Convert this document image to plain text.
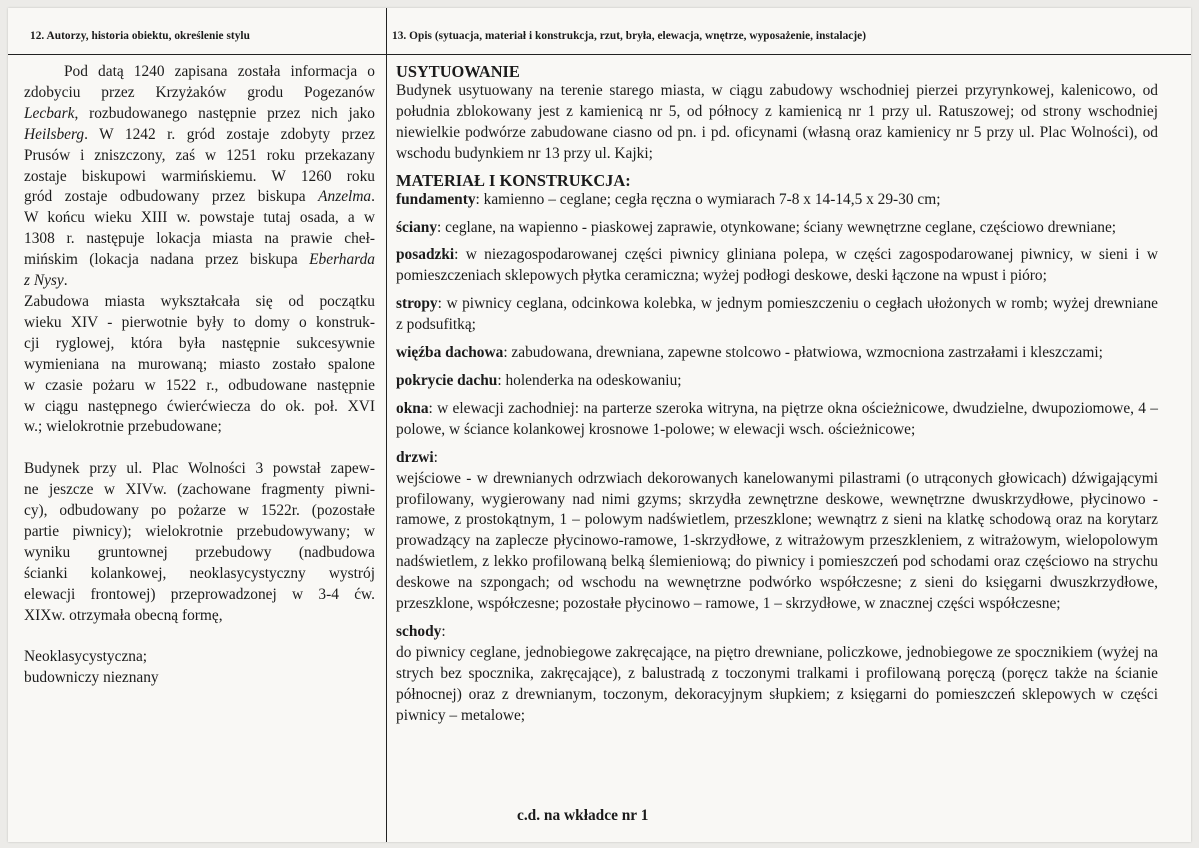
12. Autorzy, historia obiektu, określenie stylu	13. Opis (sytuacja, materiał i konstrukcja, rzut, bryła, elewacja, wnętrze, wyposażenie, instalacje)

Pod datą 1240 zapisana została informacja o
zdobyciu przez Krzyżaków grodu Pogezanów
Lecbark, rozbudowanego następnie przez nich jako
Heilsberg. W 1242 r. gród zostaje zdobyty przez
Prusów i zniszczony, zaś w 1251 roku przekazany
zostaje biskupowi warmińskiemu. W 1260 roku
gród zostaje odbudowany przez biskupa Anzelma.
W końcu wieku XIII w. powstaje tutaj osada, a w
1308 r. następuje lokacja miasta na prawie cheł-
mińskim (lokacja nadana przez biskupa Eberharda
z Nysy.

Zabudowa miasta wykształcała się od początku
wieku XIV - pierwotnie były to domy o konstruk-
cji ryglowej, która była następnie sukcesywnie
wymieniana na murowaną; miasto zostało spalone
w czasie pożaru w 1522 r., odbudowane następnie
w ciągu następnego ćwierćwiecza do ok. poł. XVI
w.; wielokrotnie przebudowane;

Budynek przy ul. Plac Wolności 3 powstał zapew-
ne jeszcze w XIVw. (zachowane fragmenty piwni-
cy), odbudowany po pożarze w 1522r. (pozostałe
partie piwnicy); wielokrotnie przebudowywany; w
wyniku gruntownej przebudowy (nadbudowa
ścianki kolankowej, neoklasycystyczny wystrój
elewacji frontowej) przeprowadzonej w 3-4 ćw.
XIXw. otrzymała obecną formę,

Neoklasycystyczna;
budowniczy nieznany

USYTUOWANIE

Budynek usytuowany na terenie starego miasta, w ciągu zabudowy wschodniej pierzei przyrynkowej, kalenicowo, od południa zblokowany jest z kamienicą nr 5, od północy z kamienicą nr 1 przy ul. Ratuszowej; od strony wschodniej niewielkie podwórze zabudowane ciasno od pn. i pd. oficynami (własną oraz kamienicy nr 5 przy ul. Plac Wolności), od wschodu budynkiem nr 13 przy ul. Kajki;

MATERIAŁ I KONSTRUKCJA:

fundamenty: kamienno – ceglane; cegła ręczna o wymiarach 7-8 x 14-14,5 x 29-30 cm;

ściany: ceglane, na wapienno - piaskowej zaprawie, otynkowane; ściany wewnętrzne ceglane, częściowo drewniane;

posadzki: w niezagospodarowanej części piwnicy gliniana polepa, w części zagospodarowanej piwnicy, w sieni i w pomieszczeniach sklepowych płytka ceramiczna; wyżej podłogi deskowe, deski łączone na wpust i pióro;

stropy: w piwnicy ceglana, odcinkowa kolebka, w jednym pomieszczeniu o cegłach ułożonych w romb; wyżej drewniane z podsufitką;

więźba dachowa: zabudowana, drewniana, zapewne stolcowo - płatwiowa, wzmocniona zastrzałami i kleszczami;

pokrycie dachu: holenderka na odeskowaniu;

okna: w elewacji zachodniej: na parterze szeroka witryna, na piętrze okna ościeżnicowe, dwudzielne, dwupoziomowe, 4 – polowe, w ściance kolankowej krosnowe 1-polowe; w elewacji wsch. ościeżnicowe;

drzwi:

wejściowe - w drewnianych odrzwiach dekorowanych kanelowanymi pilastrami (o utrąconych głowicach) dźwigającymi profilowany, wygierowany nad nimi gzyms; skrzydła zewnętrzne deskowe, wewnętrzne dwuskrzydłowe, płycinowo - ramowe, z prostokątnym, 1 – polowym nadświetlem, przeszklone; wewnątrz z sieni na klatkę schodową oraz na korytarz prowadzący na zaplecze płycinowo-ramowe, 1-skrzydłowe, z witrażowym przeszkleniem, z witrażowym, wielopolowym nadświetlem, z lekko profilowaną belką ślemieniową; do piwnicy i pomieszczeń pod schodami oraz częściowo na strychu deskowe na szpongach; od wschodu na wewnętrzne podwórko współczesne; z sieni do księgarni dwuszkrzydłowe, przeszklone, współczesne; pozostałe płycinowo – ramowe, 1 – skrzydłowe, w znacznej części współczesne;

schody:

do piwnicy ceglane, jednobiegowe zakręcające, na piętro drewniane, policzkowe, jednobiegowe ze spocznikiem (wyżej na strych bez spocznika, zakręcające), z balustradą z toczonymi tralkami i profilowaną poręczą (poręcz także na ścianie północnej) oraz z drewnianym, toczonym, dekoracyjnym słupkiem; z księgarni do pomieszczeń sklepowych w części piwnicy – metalowe;

c.d. na wkładce nr 1
